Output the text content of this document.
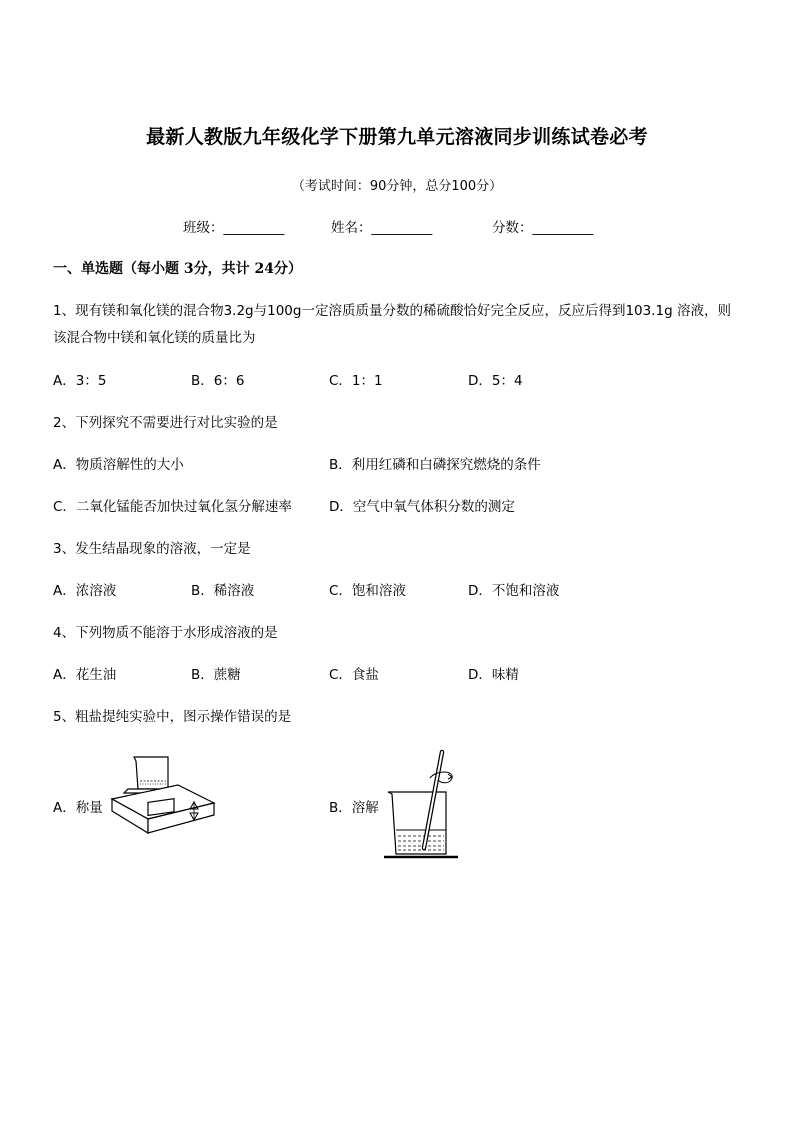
最新人教版九年级化学下册第九单元溶液同步训练试卷必考
（考试时间：90分钟，总分100分）
班级：_________	姓名：_________	分数：_________
一、单选题（每小题 3分，共计 24分）
1、现有镁和氧化镁的混合物3.2g与100g一定溶质质量分数的稀硫酸恰好完全反应，反应后得到103.1g 溶液，则该混合物中镁和氧化镁的质量比为
A．3：5	B．6：6	C．1：1	D．5：4
2、下列探究不需要进行对比实验的是
A．物质溶解性的大小	B．利用红磷和白磷探究燃烧的条件
C．二氧化锰能否加快过氧化氢分解速率	D．空气中氧气体积分数的测定
3、发生结晶现象的溶液，一定是
A．浓溶液	B．稀溶液	C．饱和溶液	D．不饱和溶液
4、下列物质不能溶于水形成溶液的是
A．花生油	B．蔗糖	C．食盐	D．味精
5、粗盐提纯实验中，图示操作错误的是
A．称量	B．溶解
